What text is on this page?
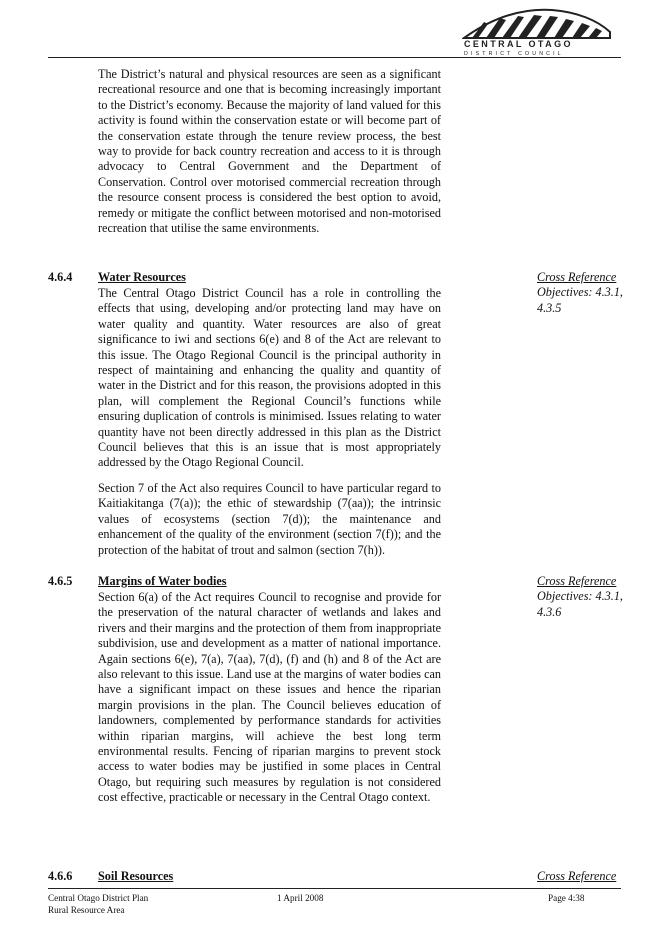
CENTRAL OTAGO
DISTRICT COUNCIL

The District’s natural and physical resources are seen as a significant recreational resource and one that is becoming increasingly important to the District’s economy. Because the majority of land valued for this activity is found within the conservation estate or will become part of the conservation estate through the tenure review process, the best way to provide for back country recreation and access to it is through advocacy to Central Government and the Department of Conservation. Control over motorised commercial recreation through the resource consent process is considered the best option to avoid, remedy or mitigate the conflict between motorised and non-motorised recreation that utilise the same environments.

4.6.4 Water Resources

The Central Otago District Council has a role in controlling the effects that using, developing and/or protecting land may have on water quality and quantity. Water resources are also of great significance to iwi and sections 6(e) and 8 of the Act are relevant to this issue. The Otago Regional Council is the principal authority in respect of maintaining and enhancing the quality and quantity of water in the District and for this reason, the provisions adopted in this plan, will complement the Regional Council’s functions while ensuring duplication of controls is minimised. Issues relating to water quantity have not been directly addressed in this plan as the District Council believes that this is an issue that is most appropriately addressed by the Otago Regional Council.

Section 7 of the Act also requires Council to have particular regard to Kaitiakitanga (7(a)); the ethic of stewardship (7(aa)); the intrinsic values of ecosystems (section 7(d)); the maintenance and enhancement of the quality of the environment (section 7(f)); and the protection of the habitat of trout and salmon (section 7(h)).

Cross Reference
Objectives: 4.3.1,
4.3.5
4.6.5 Margins of Water bodies

Section 6(a) of the Act requires Council to recognise and provide for the preservation of the natural character of wetlands and lakes and rivers and their margins and the protection of them from inappropriate subdivision, use and development as a matter of national importance. Again sections 6(e), 7(a), 7(aa), 7(d), (f) and (h) and 8 of the Act are also relevant to this issue. Land use at the margins of water bodies can have a significant impact on these issues and hence the riparian margin provisions in the plan. The Council believes education of landowners, complemented by performance standards for activities within riparian margins, will achieve the best long term environmental results. Fencing of riparian margins to prevent stock access to water bodies may be justified in some places in Central Otago, but requiring such measures by regulation is not considered cost effective, practicable or necessary in the Central Otago context.

Cross Reference
Objectives: 4.3.1,
4.3.6
4.6.6 Soil Resources	Cross Reference
Central Otago District Plan
Rural Resource Area
1 April 2008	Page 4:38
